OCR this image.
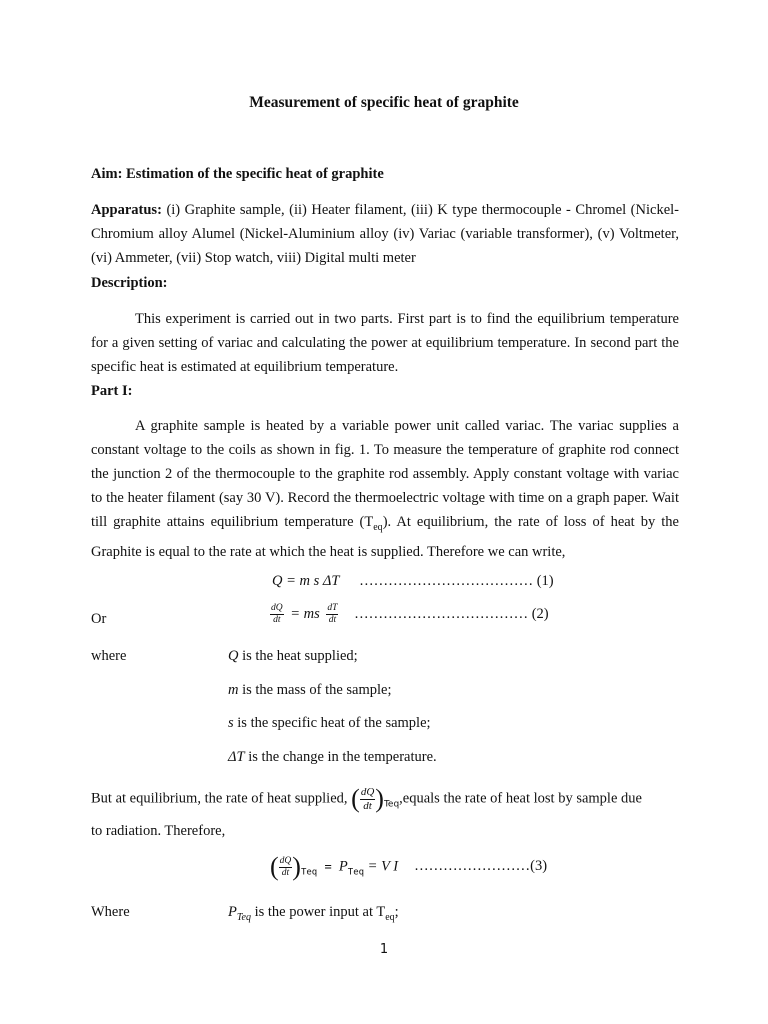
Measurement of specific heat of graphite
Aim: Estimation of the specific heat of graphite
Apparatus: (i) Graphite sample, (ii) Heater filament, (iii) K type thermocouple - Chromel (Nickel-Chromium alloy Alumel (Nickel-Aluminium alloy (iv) Variac (variable transformer), (v) Voltmeter, (vi) Ammeter, (vii) Stop watch, viii) Digital multi meter
Description:
This experiment is carried out in two parts. First part is to find the equilibrium temperature for a given setting of variac and calculating the power at equilibrium temperature. In second part the specific heat is estimated at equilibrium temperature.
Part I:
A graphite sample is heated by a variable power unit called variac. The variac supplies a constant voltage to the coils as shown in fig. 1. To measure the temperature of graphite rod connect the junction 2 of the thermocouple to the graphite rod assembly. Apply constant voltage with variac to the heater filament (say 30 V). Record the thermoelectric voltage with time on a graph paper. Wait till graphite attains equilibrium temperature $(T_{eq})$. At equilibrium, the rate of loss of heat by the Graphite is equal to the rate at which the heat is supplied. Therefore we can write,
Q = m s ΔT ……………………………… (1)
Or	$\frac{dQ}{dt}$ = ms $\frac{dT}{dt}$ ……………………………… (2)
where	Q is the heat supplied;
m is the mass of the sample;
s is the specific heat of the sample;
ΔT is the change in the temperature.
But at equilibrium, the rate of heat supplied, ( $\frac{dQ}{dt}$ )$_{Teq},equals$ the rate of heat lost by sample due
to radiation. Therefore,
( $\frac{dQ}{dt} )_{Teq} = P_{Teq} = V$ I ……………………(3)
Where	$P_{Teq}$ is the power input at $T_{eq}$;
1
